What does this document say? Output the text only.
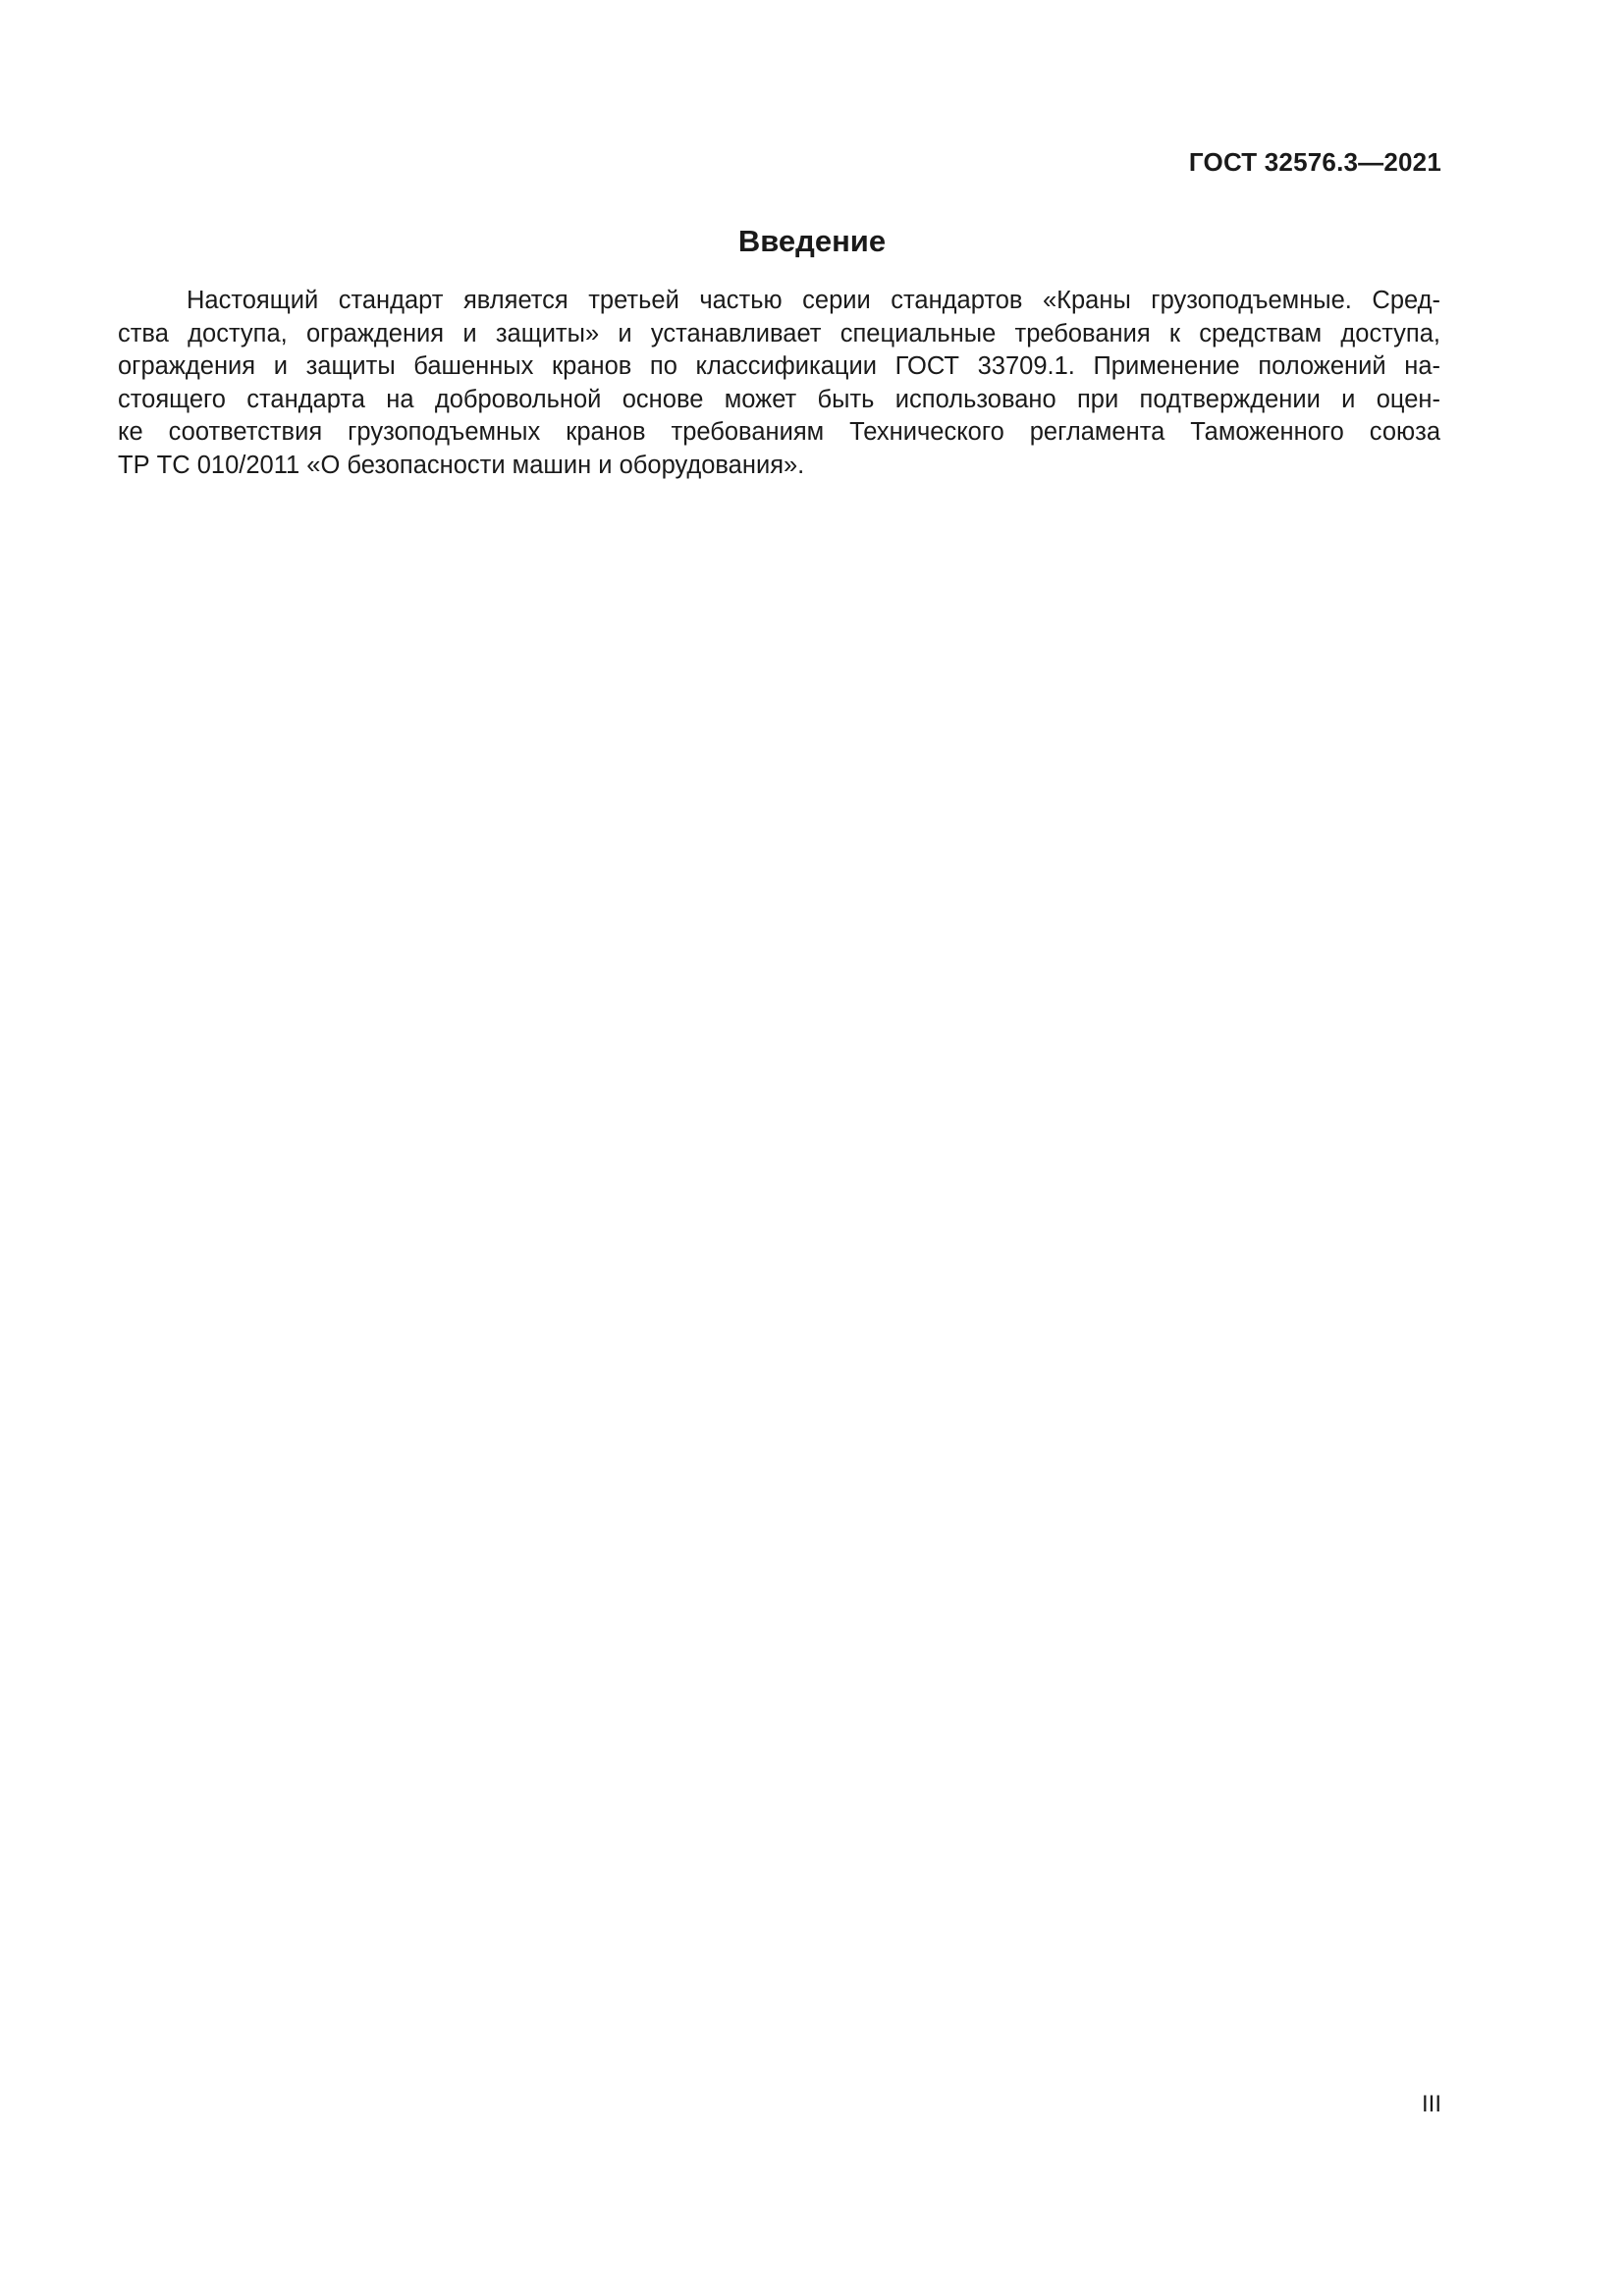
ГОСТ 32576.3—2021

Введение
Настоящий стандарт является третьей частью серии стандартов «Краны грузоподъемные. Сред-
ства доступа, ограждения и защиты» и устанавливает специальные требования к средствам доступа,
ограждения и защиты башенных кранов по классификации ГОСТ 33709.1. Применение положений на-
стоящего стандарта на добровольной основе может быть использовано при подтверждении и оцен-
ке соответствия грузоподъемных кранов требованиям Технического регламента Таможенного союза
ТР ТС 010/2011 «О безопасности машин и оборудования».

III
